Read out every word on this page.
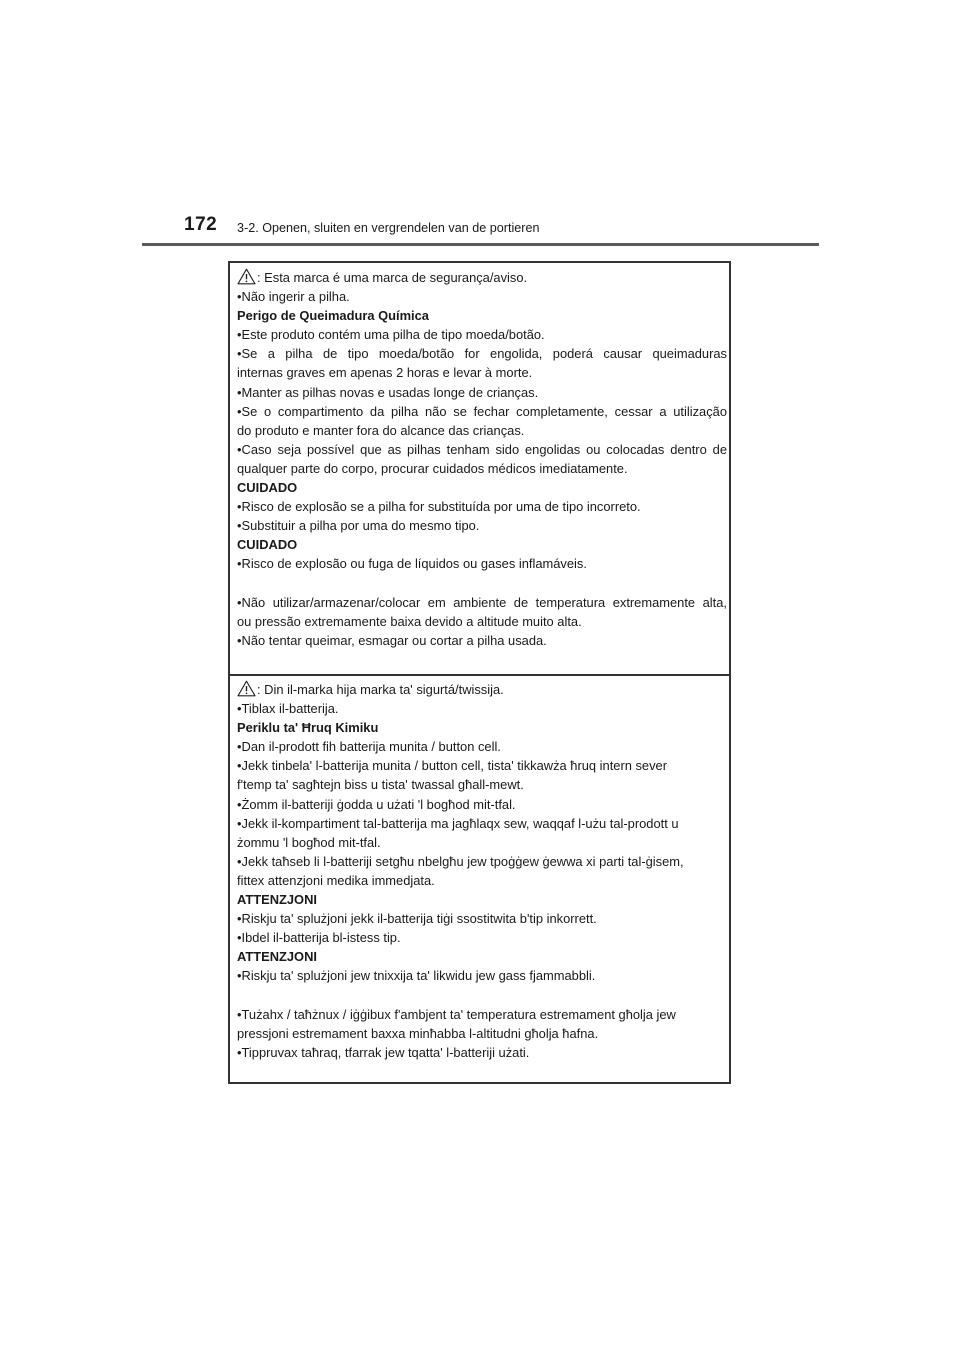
172 3-2. Openen, sluiten en vergrendelen van de portieren
: Esta marca é uma marca de segurança/aviso.
•Não ingerir a pilha.
Perigo de Queimadura Química
•Este produto contém uma pilha de tipo moeda/botão.
•Se a pilha de tipo moeda/botão for engolida, poderá causar queimaduras
internas graves em apenas 2 horas e levar à morte.
•Manter as pilhas novas e usadas longe de crianças.
•Se o compartimento da pilha não se fechar completamente, cessar a utilização
do produto e manter fora do alcance das crianças.
•Caso seja possível que as pilhas tenham sido engolidas ou colocadas dentro de
qualquer parte do corpo, procurar cuidados médicos imediatamente.
CUIDADO
•Risco de explosão se a pilha for substituída por uma de tipo incorreto.
•Substituir a pilha por uma do mesmo tipo.
CUIDADO
•Risco de explosão ou fuga de líquidos ou gases inflamáveis.
•Não utilizar/armazenar/colocar em ambiente de temperatura extremamente alta,
ou pressão extremamente baixa devido a altitude muito alta.
•Não tentar queimar, esmagar ou cortar a pilha usada.
: Din il-marka hija marka ta' sigurtá/twissija.
•Tiblax il-batterija.
Periklu ta' Ħruq Kimiku
•Dan il-prodott fih batterija munita / button cell.
•Jekk tinbela' l-batterija munita / button cell, tista' tikkawża ħruq intern sever
f'temp ta' sagħtejn biss u tista' twassal għall-mewt.
•Żomm il-batteriji ġodda u użati 'l bogħod mit-tfal.
•Jekk il-kompartiment tal-batterija ma jagħlaqx sew, waqqaf l-użu tal-prodott u
żommu 'l bogħod mit-tfal.
•Jekk taħseb li l-batteriji setgħu nbelgħu jew tpoġġew ġewwa xi parti tal-ġisem,
fittex attenzjoni medika immedjata.
ATTENZJONI
•Riskju ta' splużjoni jekk il-batterija tiġi ssostitwita b'tip inkorrett.
•Ibdel il-batterija bl-istess tip.
ATTENZJONI
•Riskju ta' splużjoni jew tnixxija ta' likwidu jew gass fjammabbli.
•Tużahx / taħżnux / iġġibux f'ambjent ta' temperatura estremament għolja jew
pressjoni estremament baxxa minħabba l-altitudni għolja ħafna.
•Tippruvax taħraq, tfarrak jew tqatta' l-batteriji użati.
